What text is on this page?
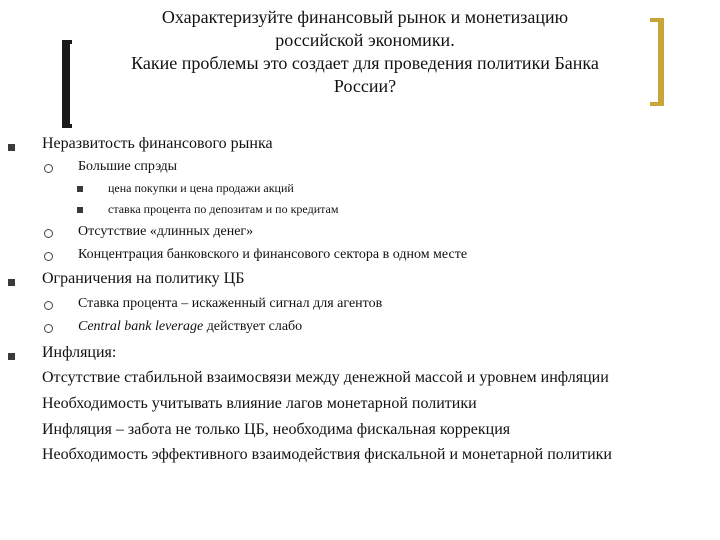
Охарактеризуйте финансовый рынок и монетизацию
российской экономики.
Какие проблемы это создает для проведения политики Банка
России?
Неразвитость финансового рынка
Большие спрэды
цена покупки и цена продажи акций
ставка процента по депозитам и по кредитам
Отсутствие «длинных денег»
Концентрация банковского и финансового сектора в одном месте
Ограничения на политику ЦБ
Ставка процента – искаженный сигнал для агентов
Central bank leverage действует слабо
Инфляция:
Отсутствие стабильной взаимосвязи между денежной массой и уровнем инфляции
Необходимость учитывать влияние лагов монетарной политики
Инфляция – забота не только ЦБ, необходима фискальная коррекция
Необходимость эффективного взаимодействия фискальной и монетарной политики
